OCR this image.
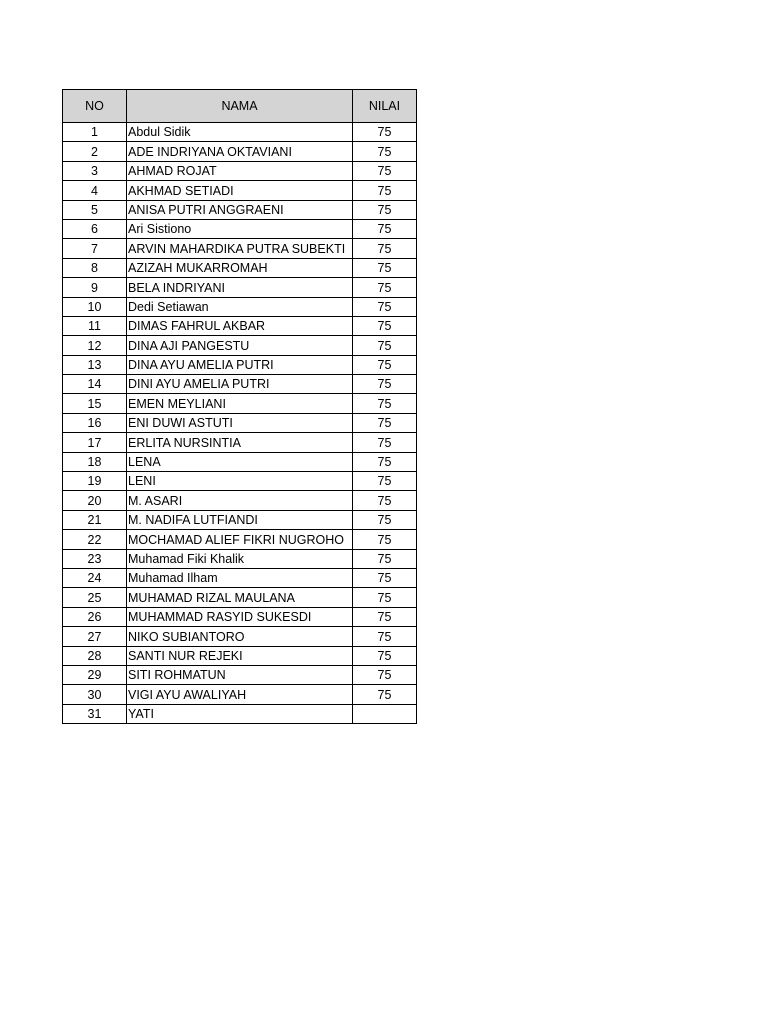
NO	NAMA	NILAI
1	Abdul Sidik	75
2	ADE INDRIYANA OKTAVIANI	75
3	AHMAD ROJAT	75
4	AKHMAD SETIADI	75
5	ANISA PUTRI ANGGRAENI	75
6	Ari Sistiono	75
7	ARVIN MAHARDIKA PUTRA SUBEKTI	75
8	AZIZAH MUKARROMAH	75
9	BELA INDRIYANI	75
10	Dedi Setiawan	75
11	DIMAS FAHRUL AKBAR	75
12	DINA AJI PANGESTU	75
13	DINA AYU AMELIA PUTRI	75
14	DINI AYU AMELIA PUTRI	75
15	EMEN MEYLIANI	75
16	ENI DUWI ASTUTI	75
17	ERLITA NURSINTIA	75
18	LENA	75
19	LENI	75
20	M. ASARI	75
21	M. NADIFA LUTFIANDI	75
22	MOCHAMAD ALIEF FIKRI NUGROHO	75
23	Muhamad Fiki Khalik	75
24	Muhamad Ilham	75
25	MUHAMAD RIZAL MAULANA	75
26	MUHAMMAD RASYID SUKESDI	75
27	NIKO SUBIANTORO	75
28	SANTI NUR REJEKI	75
29	SITI ROHMATUN	75
30	VIGI AYU AWALIYAH	75
31	YATI	
